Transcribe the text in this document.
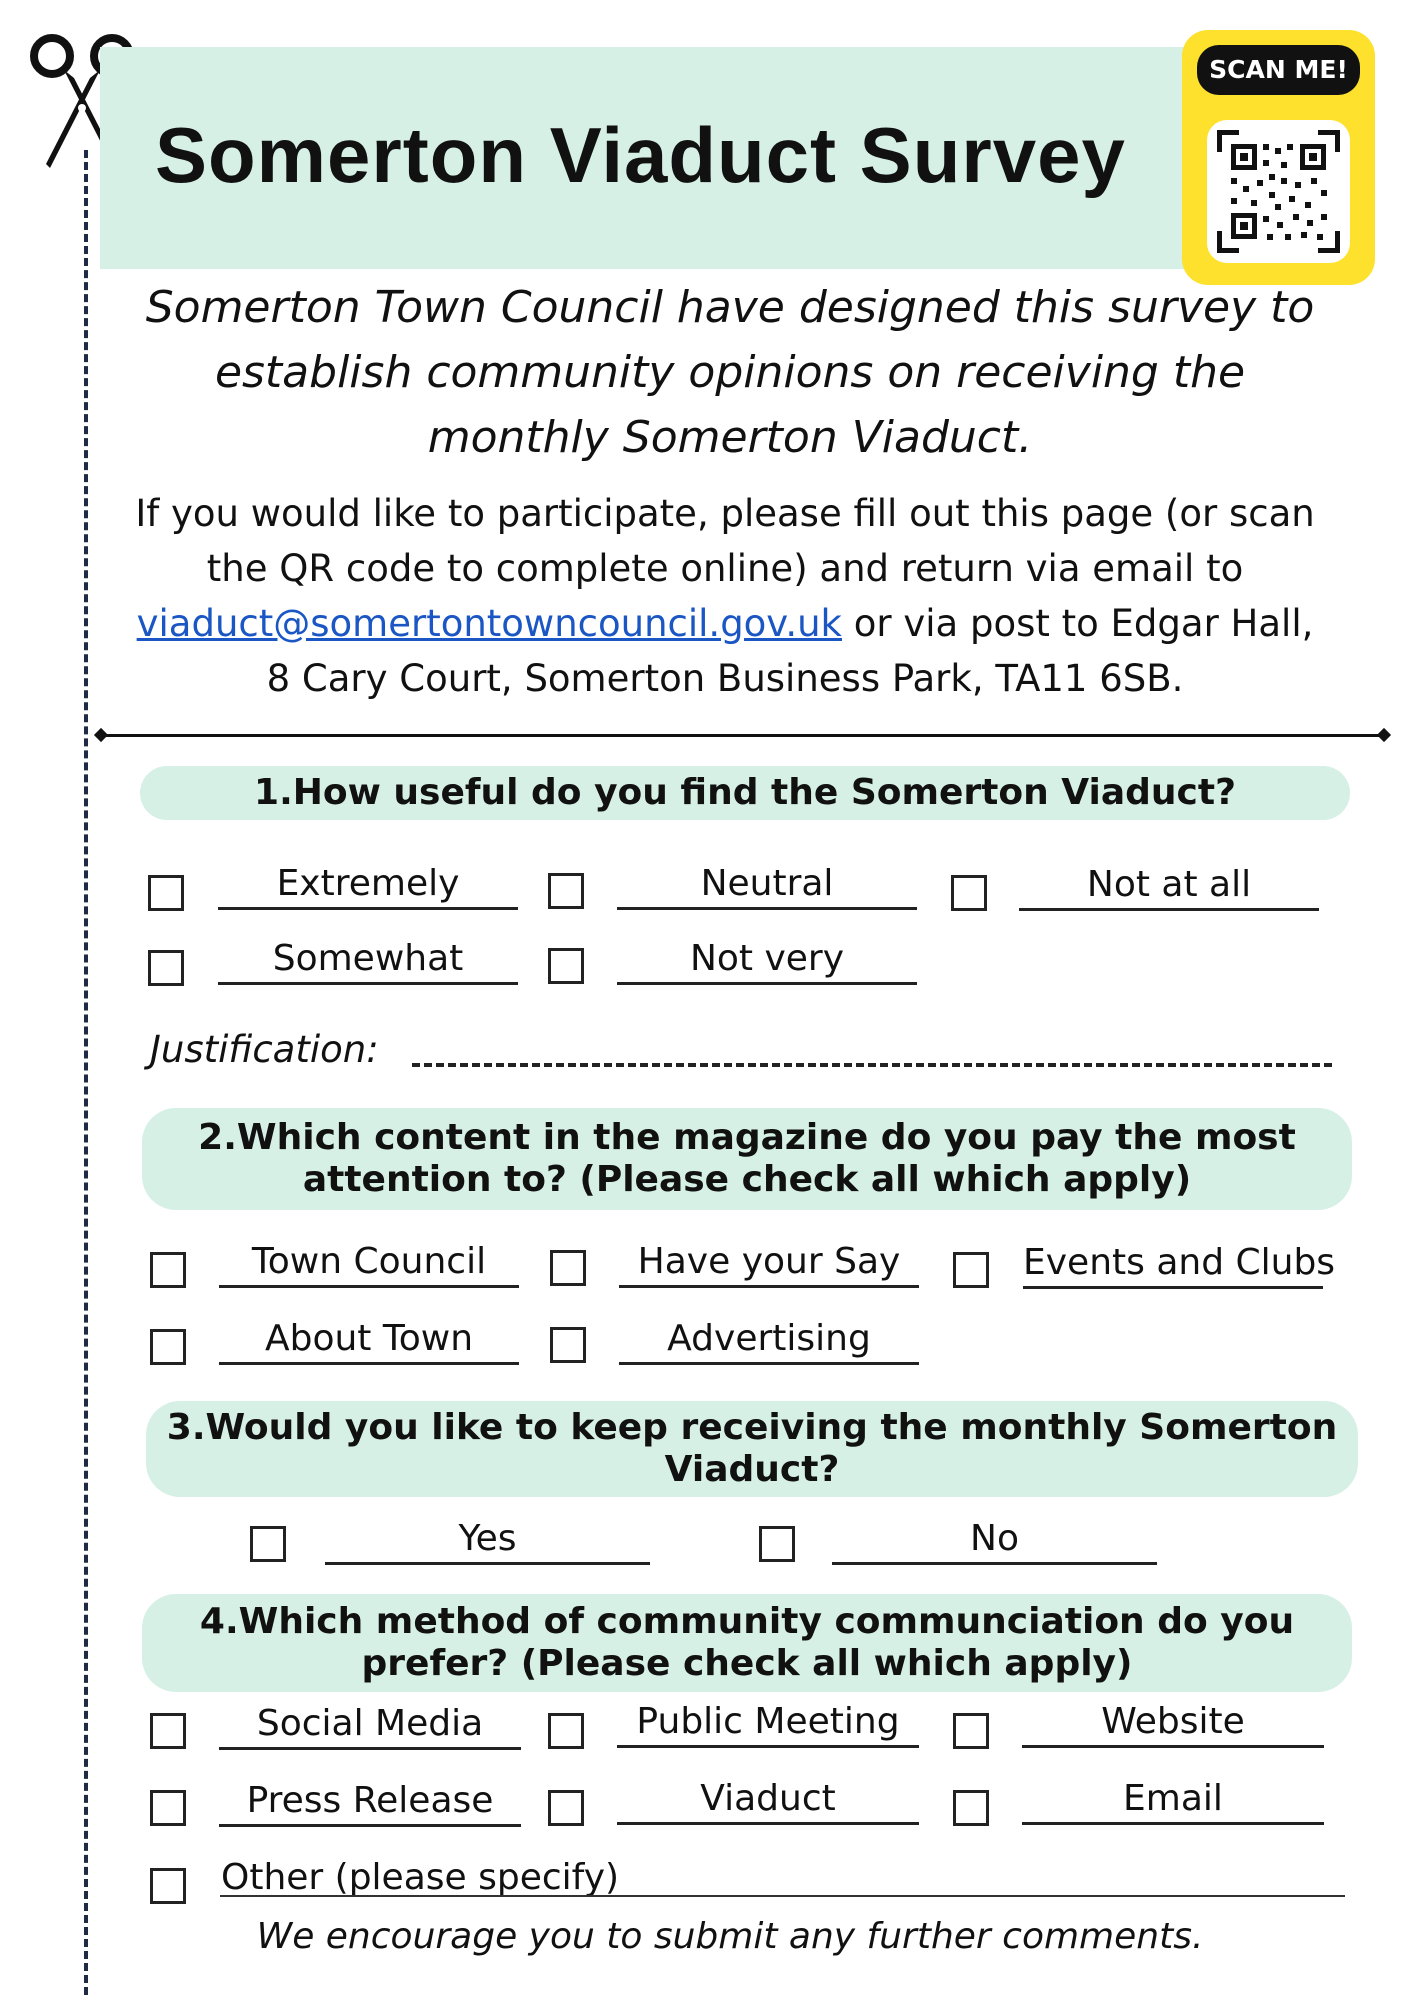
Somerton Viaduct Survey
SCAN ME!
Somerton Town Council have designed this survey to establish community opinions on receiving the monthly Somerton Viaduct.
If you would like to participate, please fill out this page (or scan the QR code to complete online) and return via email to viaduct@somertontowncouncil.gov.uk or via post to Edgar Hall, 8 Cary Court, Somerton Business Park, TA11 6SB.
1.How useful do you find the Somerton Viaduct?
Extremely	Neutral	Not at all
Somewhat	Not very
Justification:
2.Which content in the magazine do you pay the most attention to? (Please check all which apply)
Town Council	Have your Say	Events and Clubs
About Town	Advertising
3.Would you like to keep receiving the monthly Somerton Viaduct?
Yes	No
4.Which method of community communciation do you prefer? (Please check all which apply)
Social Media	Public Meeting	Website
Press Release	Viaduct	Email
Other (please specify)
We encourage you to submit any further comments.
